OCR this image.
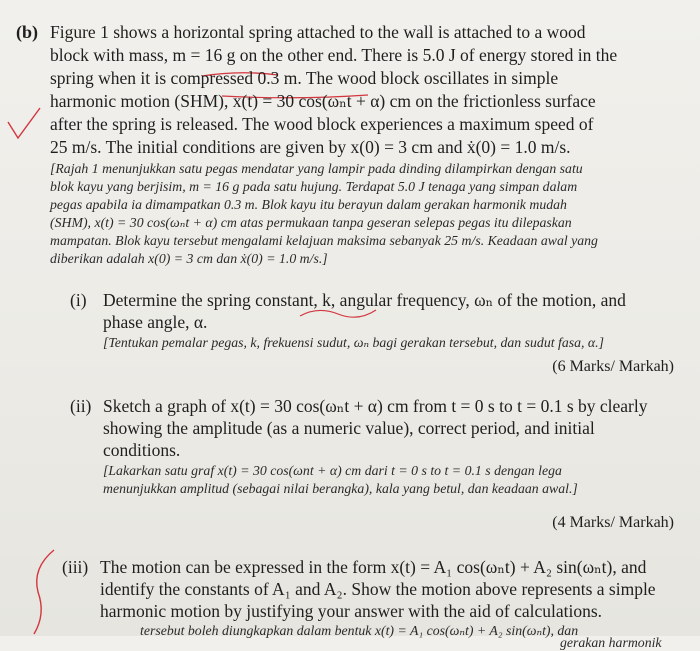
(b) Figure 1 shows a horizontal spring attached to the wall is attached to a wood
block with mass, m = 16 g on the other end. There is 5.0 J of energy stored in the
spring when it is compressed 0.3 m. The wood block oscillates in simple
harmonic motion (SHM), x(t) = 30 cos(ωₙt + α) cm on the frictionless surface
after the spring is released. The wood block experiences a maximum speed of
25 m/s. The initial conditions are given by x(0) = 3 cm and ẋ(0) = 1.0 m/s.
[Rajah 1 menunjukkan satu pegas mendatar yang lampir pada dinding dilampirkan dengan satu
blok kayu yang berjisim, m = 16 g pada satu hujung. Terdapat 5.0 J tenaga yang simpan dalam
pegas apabila ia dimampatkan 0.3 m. Blok kayu itu berayun dalam gerakan harmonik mudah
(SHM), x(t) = 30 cos(ωₙt + α) cm atas permukaan tanpa geseran selepas pegas itu dilepaskan
mampatan. Blok kayu tersebut mengalami kelajuan maksima sebanyak 25 m/s. Keadaan awal yang
diberikan adalah x(0) = 3 cm dan ẋ(0) = 1.0 m/s.]
(i) Determine the spring constant, k, angular frequency, ωₙ of the motion, and
phase angle, α.
[Tentukan pemalar pegas, k, frekuensi sudut, ωₙ bagi gerakan tersebut, dan sudut fasa, α.]
(6 Marks/ Markah)
(ii) Sketch a graph of x(t) = 30 cos(ωₙt + α) cm from t = 0 s to t = 0.1 s by clearly
showing the amplitude (as a numeric value), correct period, and initial
conditions.
[Lakarkan satu graf x(t) = 30 cos(ωnt + α) cm dari t = 0 s to t = 0.1 s dengan lega
menunjukkan amplitud (sebagai nilai berangka), kala yang betul, dan keadaan awal.]
(4 Marks/ Markah)
(iii) The motion can be expressed in the form x(t) = A₁ cos(ωₙt) + A₂ sin(ωₙt), and
identify the constants of A₁ and A₂. Show the motion above represents a simple
harmonic motion by justifying your answer with the aid of calculations.
tersebut boleh diungkapkan dalam bentuk x(t) = A₁ cos(ωₙt) + A₂ sin(ωₙt), dan
gerakan harmonik
